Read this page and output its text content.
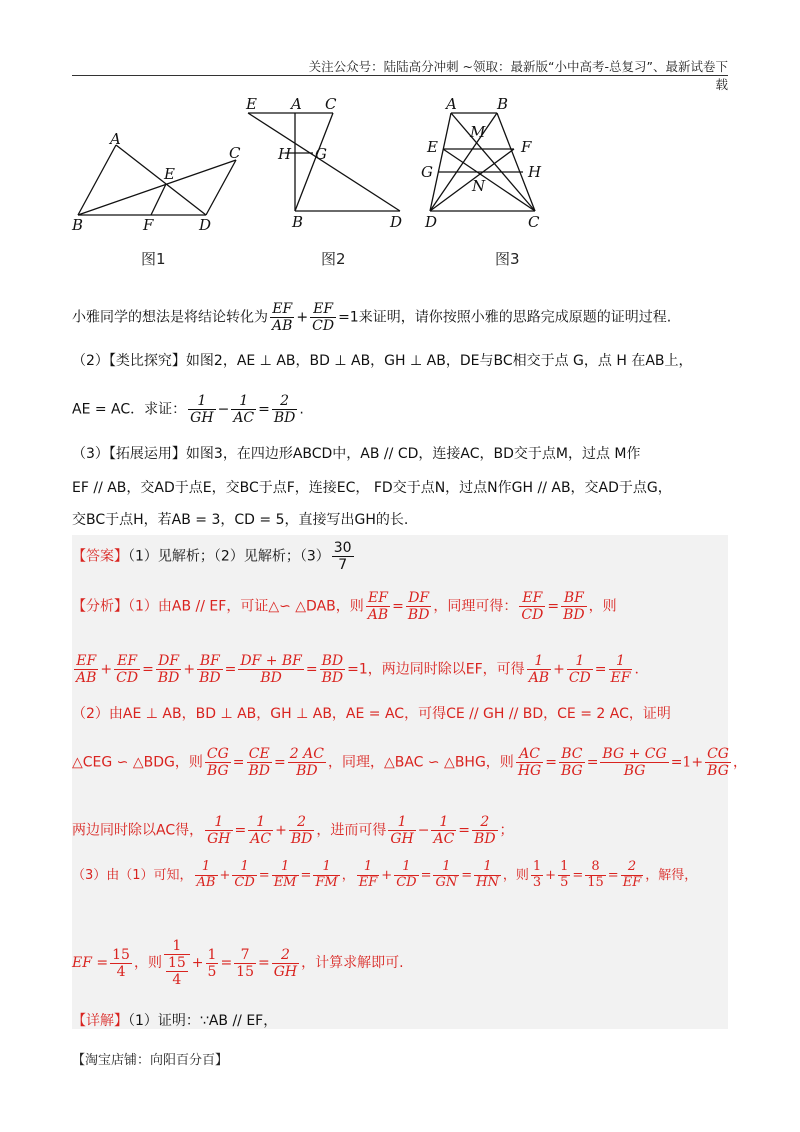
关注公众号：陆陆高分冲刺 ~领取：最新版“小中高考-总复习”、最新试卷下载
A
E
C
B	F	D
图1
E A C
H G
B	D
图2
A	B
M
E	F
G	H
N
D	C
图3
小雅同学的想法是将结论转化为 $\frac{EF}{AB} + \frac{EF}{CD} =1$来证明，请你按照小雅的思路完成原题的证明过程.
（2）【类比探究】如图2，AE ⊥ AB，BD ⊥ AB，GH ⊥ AB，DE与BC相交于点 G，点 H 在AB上，
AE = AC．求证： $\frac{1}{GH} - \frac{1}{AC} = \frac{2}{BD}$ .
（3）【拓展运用】如图3，在四边形ABCD中，AB // CD，连接AC，BD交于点M，过点 M作
EF // AB，交AD于点E，交BC于点F，连接EC， FD交于点N，过点N作GH // AB，交AD于点G，
交BC于点H，若AB = 3，CD = 5，直接写出GH的长.
【答案】（1）见解析；（2）见解析；$(3) \frac{30}{7}$
【分析】（1）由AB // EF，可证△∽ △DAB，则 $\frac{EF}{AB} = \frac{DF}{BD}$ ，同理可得： $\frac{EF}{CD} = \frac{BF}{BD}$ ，则
$\frac{EF}{AB} + \frac{EF}{CD} = \frac{DF}{BD} + \frac{BF}{BD} = \frac{DF + BF}{BD} = \frac{BD}{BD} =1$，两边同时除以EF，可得 $\frac{1}{AB} + \frac{1}{CD} = \frac{1}{EF}$ .
（2）由AE ⊥ AB，BD ⊥ AB，GH ⊥ AB，AE = AC，可得CE // GH // BD，CE = 2 AC，证明
△CEG ∽ △BDG，则 $\frac{CG}{BG} = \frac{CE}{BD} = \frac{2 AC}{BD}$ ，同理，△BAC ∽ △BHG，则 $\frac{AC}{HG} = \frac{BC}{BG} = \frac{BG + CG}{BG} =1+ \frac{CG}{BG}$ ，
两边同时除以AC得， $\frac{1}{GH} = \frac{1}{AC} + \frac{2}{BD}$ ，进而可得 $\frac{1}{GH} - \frac{1}{AC} = \frac{2}{BD}$ ；
（3）由（1）可知， $\frac{1}{AB} + \frac{1}{CD} = \frac{1}{EM} = \frac{1}{FM}$ ， $\frac{1}{EF} + \frac{1}{CD} = \frac{1}{GN} = \frac{1}{HN}$ ，则 $\frac{1}{3} + \frac{1}{5} = \frac{8}{15} = \frac{2}{EF}$ ，解得，
EF = $\frac{15}{4}$ ，则 $\frac{1}{\frac{15}{4}} + \frac{1}{5} = \frac{7}{15} = \frac{2}{GH}$ ，计算求解即可.
【详解】（1）证明：∵AB // EF，
【淘宝店铺：向阳百分百】
